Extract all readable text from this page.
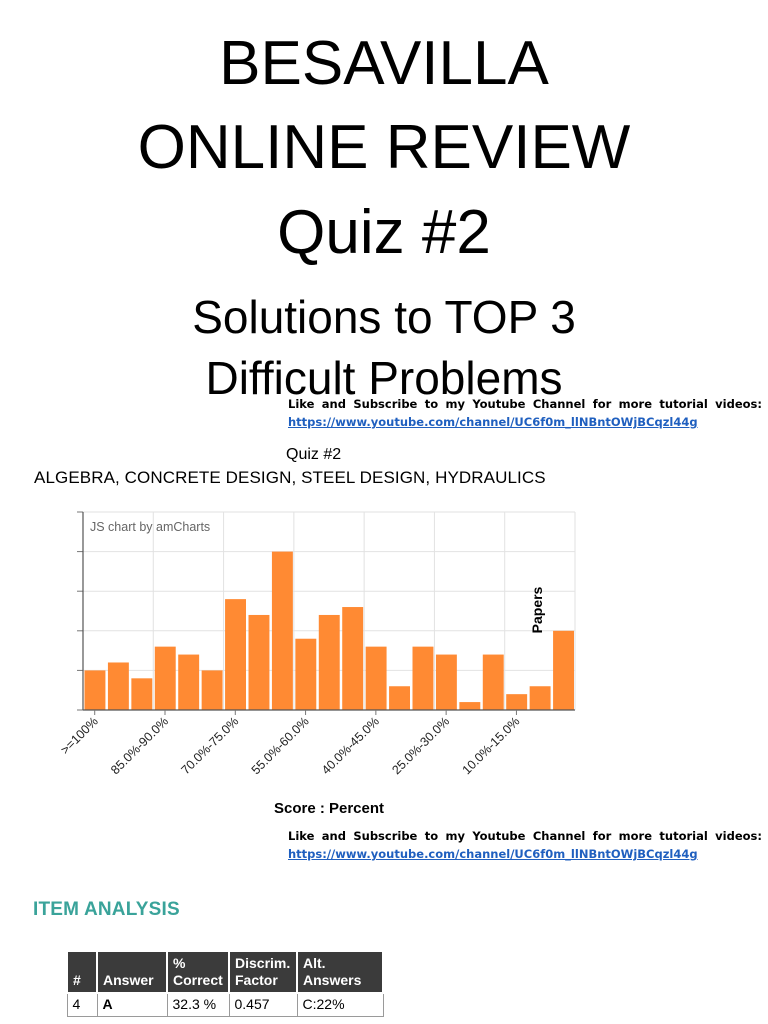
BESAVILLA
ONLINE REVIEW
Quiz #2
Solutions to TOP 3
Difficult Problems
Like and Subscribe to my Youtube Channel for more tutorial videos:
https://www.youtube.com/channel/UC6f0m_llNBntOWjBCqzl44g
Quiz #2
ALGEBRA, CONCRETE DESIGN, STEEL DESIGN, HYDRAULICS
JS chart by amCharts
Papers
Score : Percent
>=100% 85.0%-90.0% 70.0%-75.0% 55.0%-60.0% 40.0%-45.0% 25.0%-30.0% 10.0%-15.0%
Like and Subscribe to my Youtube Channel for more tutorial videos:
https://www.youtube.com/channel/UC6f0m_llNBntOWjBCqzl44g
ITEM ANALYSIS
#	Answer	% Correct	Discrim. Factor	Alt. Answers
4	A	32.3 %	0.457	C:22%
